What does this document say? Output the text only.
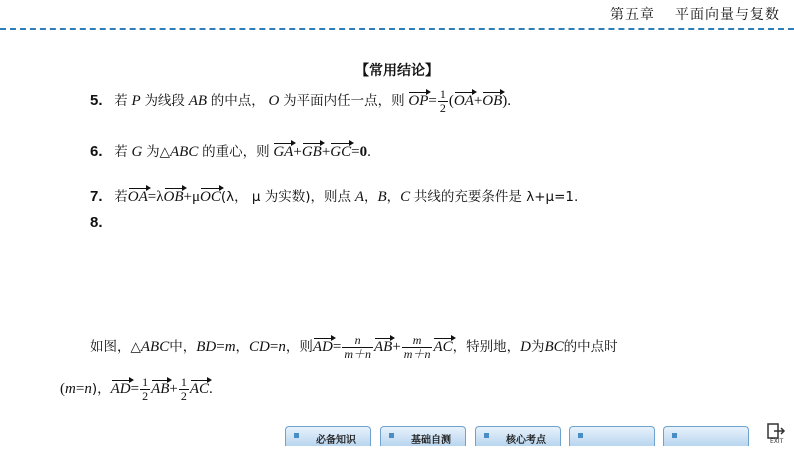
第五章 平面向量与复数
【常用结论】
5. 若 P 为线段 AB 的中点， O 为平面内任一点，则 $OP= \frac{1}{2} (OA+OB)$.
6. 若 G 为△ABC 的重心，则 GA+GB+GC=0.
7. 若OA=λOB+μOC(λ， μ 为实数)，则点 A，B，C 共线的充要条件是 λ+μ=1.
8.
如图，△ABC中，BD=m，CD=n，则$AD= \frac{n}{m+n} AB+ \frac{m}{m+n}$ AC，特别地，D为BC的中点时
(m=n)，$AD= \frac{1}{2} AB+ \frac{1}{2}$ AC.
必备知识	基础自测	核心考点	EXIT
